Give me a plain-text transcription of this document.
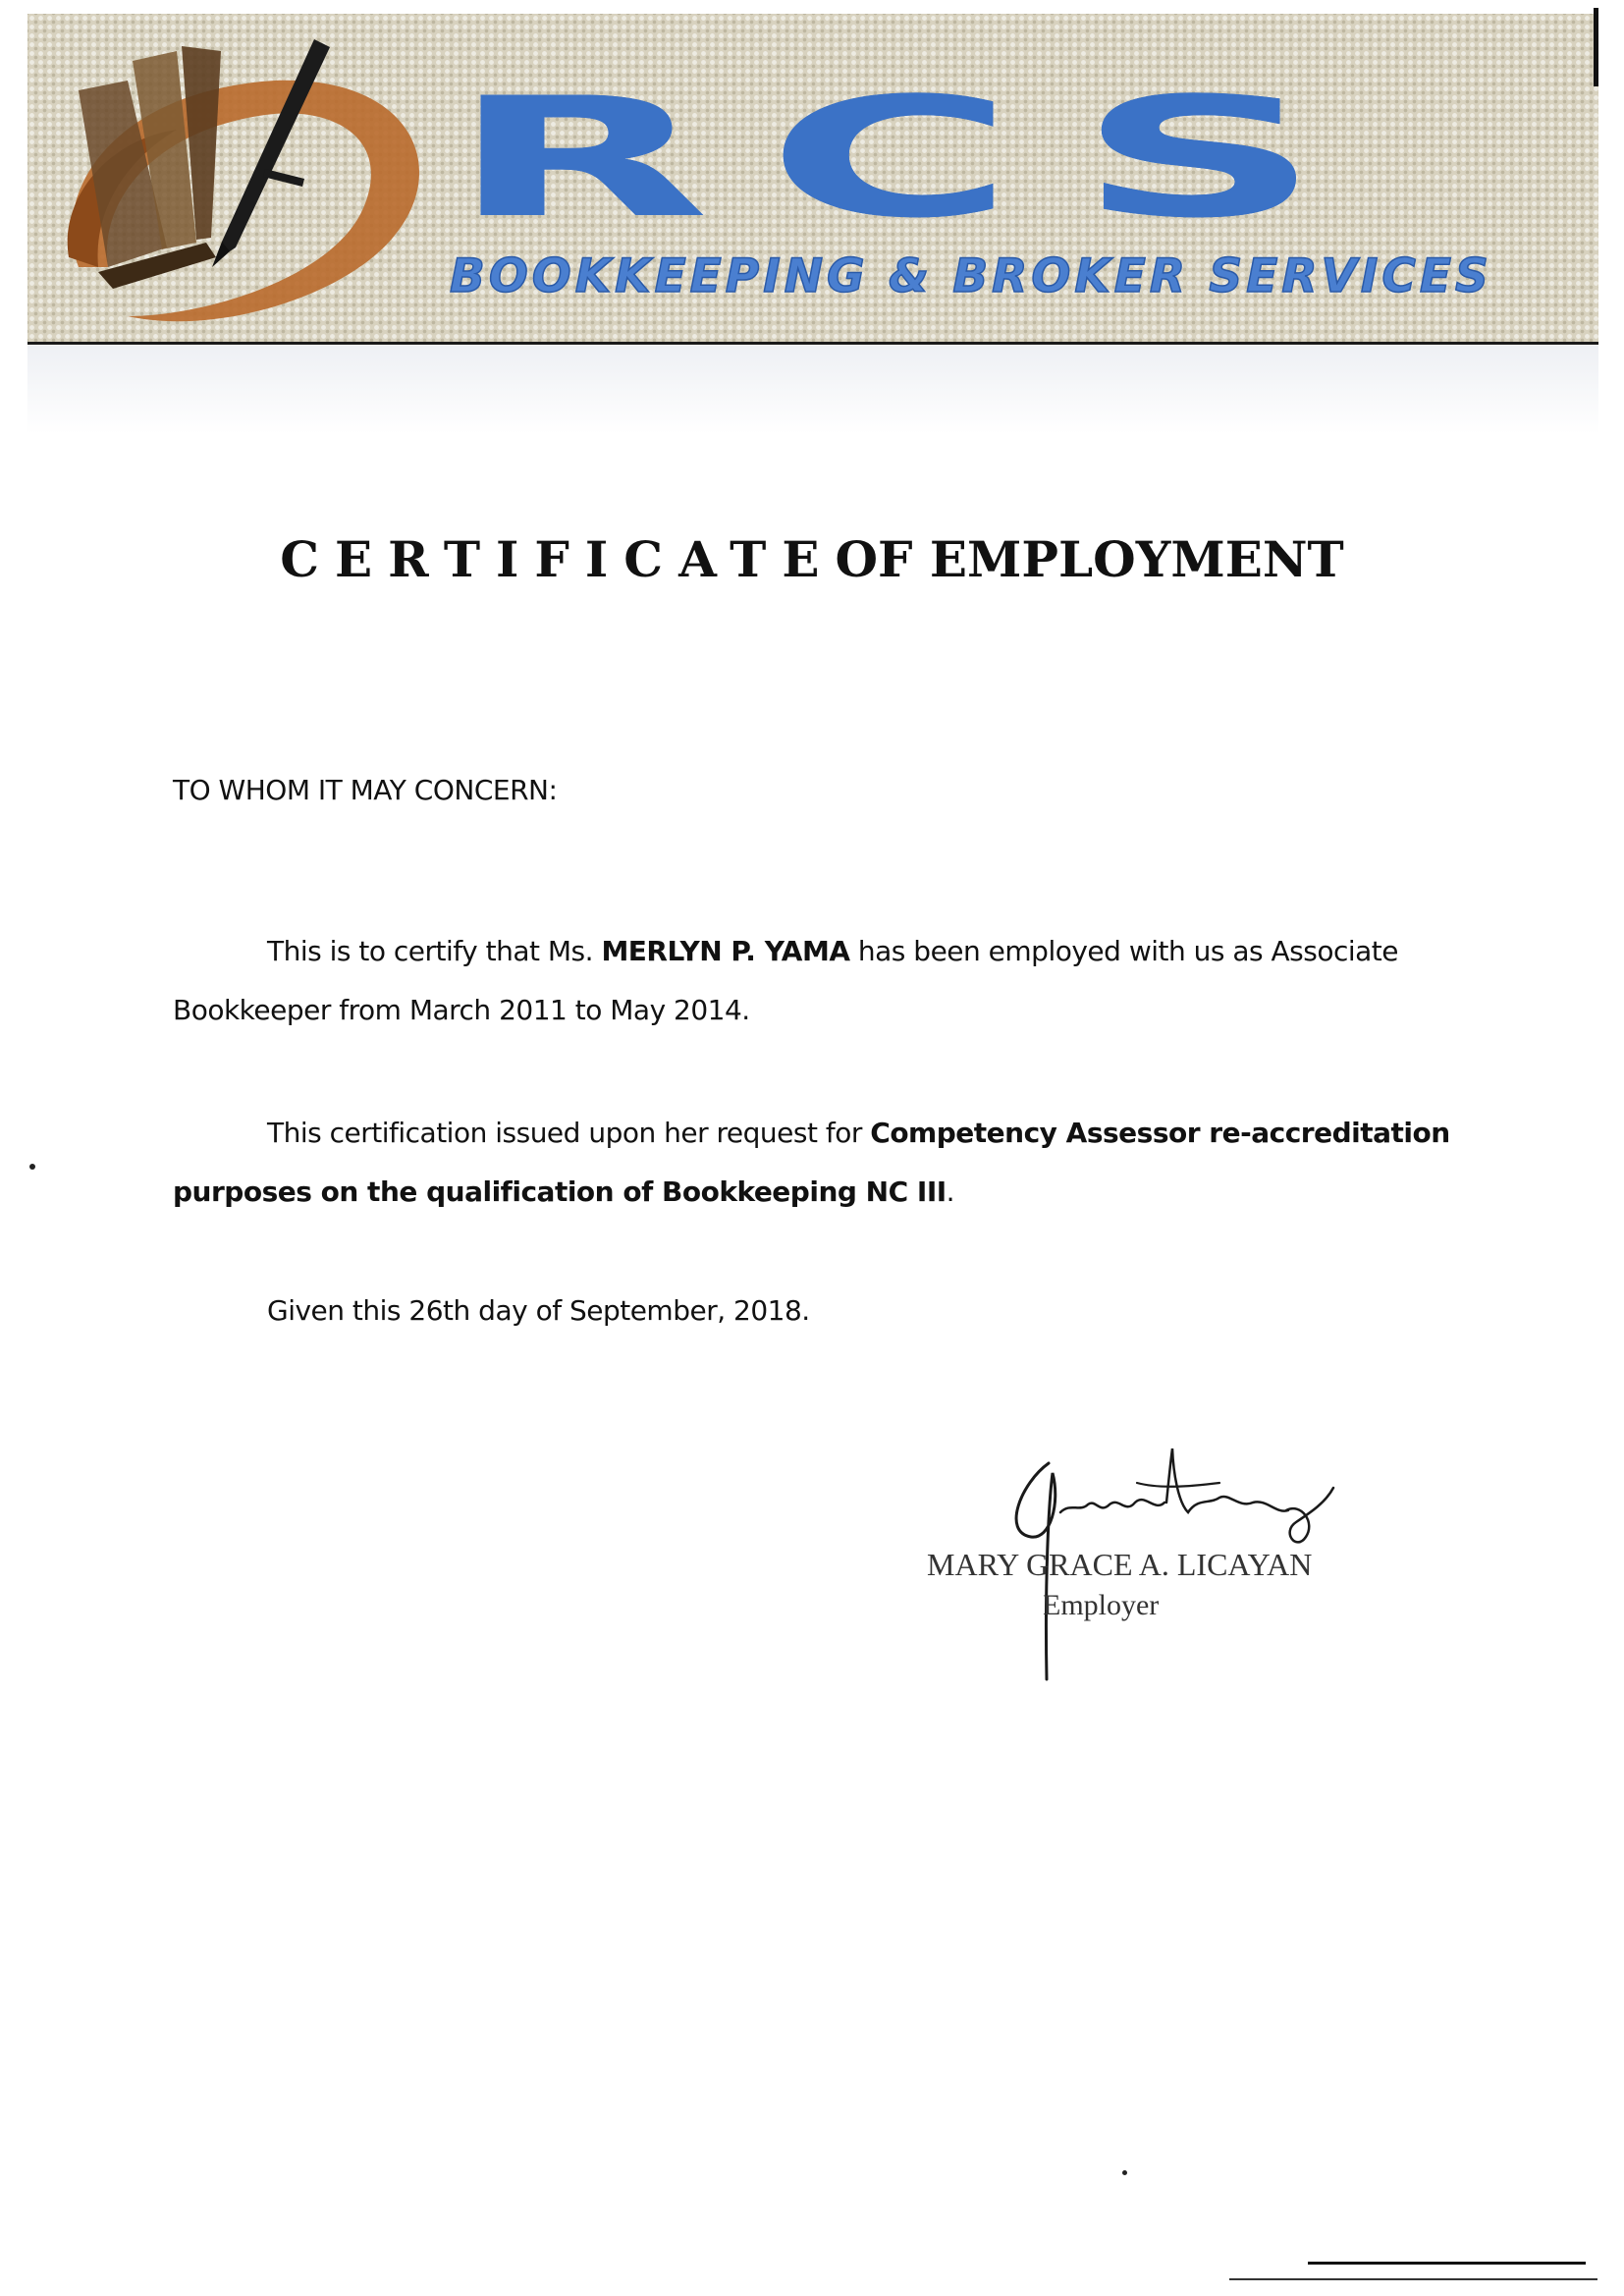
RCS
BOOKKEEPING & BROKER SERVICES
CERTIFICATEOF EMPLOYMENT
TO WHOM IT MAY CONCERN:
This is to certify that Ms. MERLYN P. YAMA has been employed with us as Associate
Bookkeeper from March 2011 to May 2014.
This certification issued upon her request for Competency Assessor re-accreditation
purposes on the qualification of Bookkeeping NC III.
Given this 26th day of September, 2018.
MARY GRACE A. LICAYAN
Employer
